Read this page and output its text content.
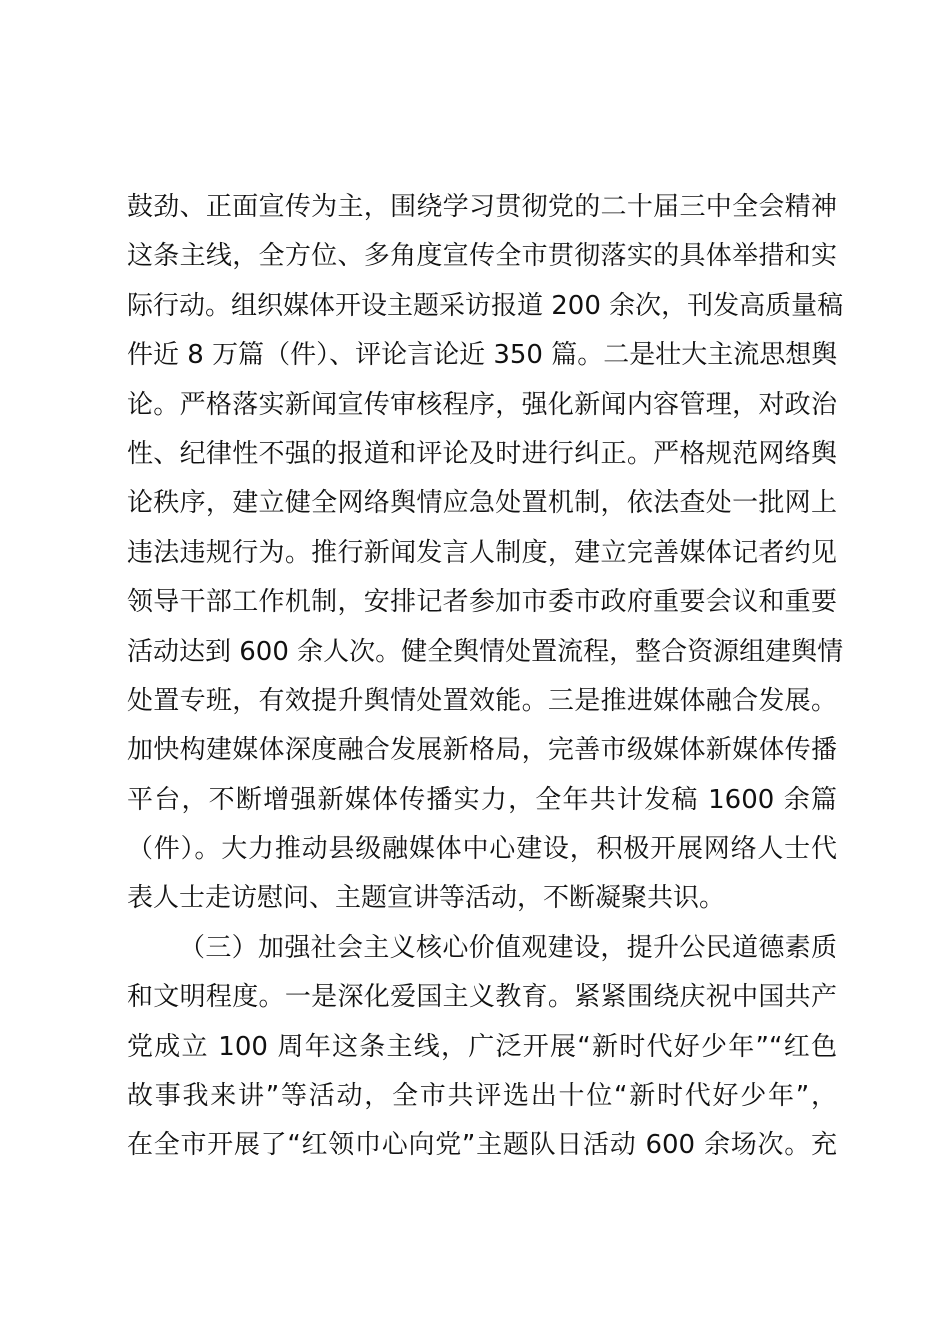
鼓劲、正面宣传为主，围绕学习贯彻党的二十届三中全会精神
这条主线，全方位、多角度宣传全市贯彻落实的具体举措和实
际行动。组织媒体开设主题采访报道 200 余次，刊发高质量稿
件近 8 万篇（件）、评论言论近 350 篇。二是壮大主流思想舆
论。严格落实新闻宣传审核程序，强化新闻内容管理，对政治
性、纪律性不强的报道和评论及时进行纠正。严格规范网络舆
论秩序，建立健全网络舆情应急处置机制，依法查处一批网上
违法违规行为。推行新闻发言人制度，建立完善媒体记者约见
领导干部工作机制，安排记者参加市委市政府重要会议和重要
活动达到 600 余人次。健全舆情处置流程，整合资源组建舆情
处置专班，有效提升舆情处置效能。三是推进媒体融合发展。
加快构建媒体深度融合发展新格局，完善市级媒体新媒体传播
平台，不断增强新媒体传播实力，全年共计发稿 1600 余篇
（件）。大力推动县级融媒体中心建设，积极开展网络人士代
表人士走访慰问、主题宣讲等活动，不断凝聚共识。
（三）加强社会主义核心价值观建设，提升公民道德素质
和文明程度。一是深化爱国主义教育。紧紧围绕庆祝中国共产
党成立 100 周年这条主线，广泛开展“新时代好少年”“红色
故事我来讲”等活动，全市共评选出十位“新时代好少年”，
在全市开展了“红领巾心向党”主题队日活动 600 余场次。充
